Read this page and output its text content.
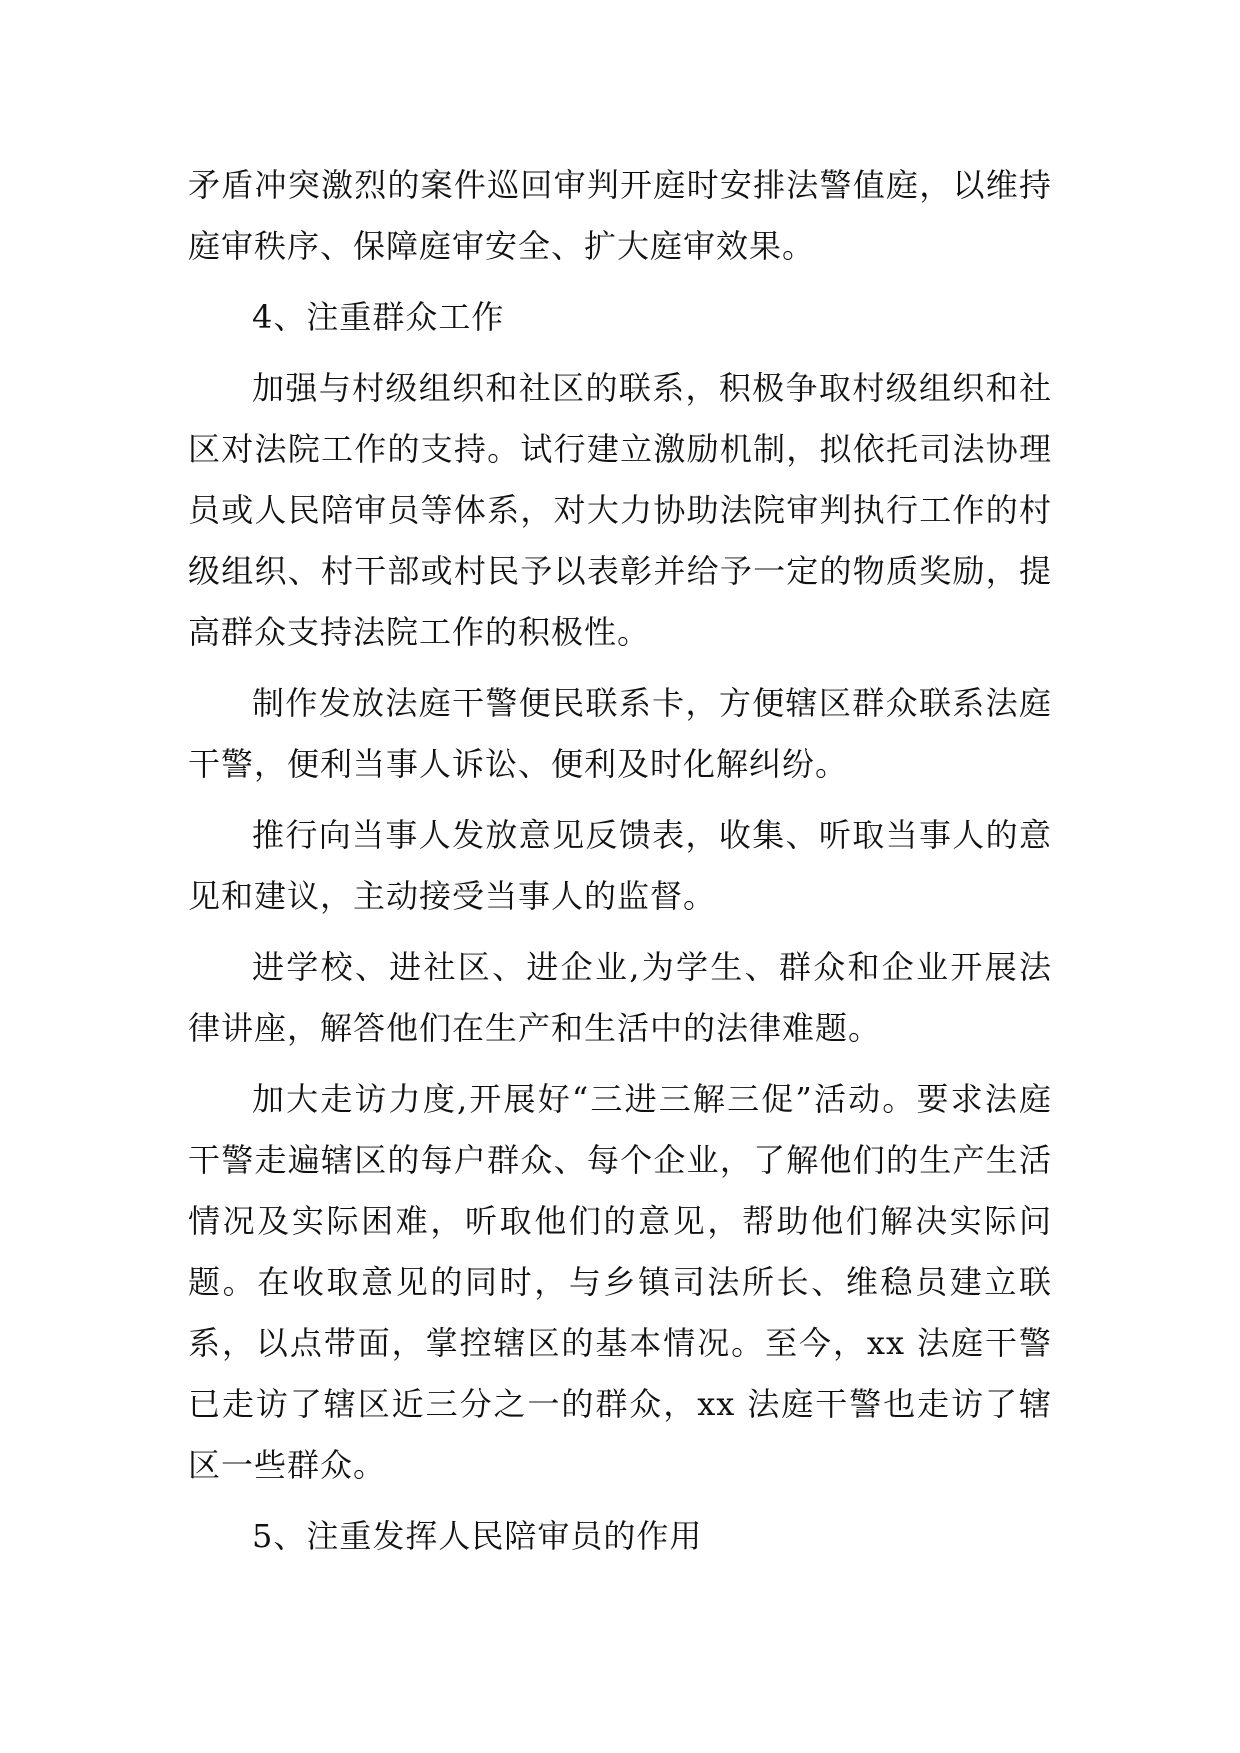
矛盾冲突激烈的案件巡回审判开庭时安排法警值庭，以维持庭审秩序、保障庭审安全、扩大庭审效果。

4、注重群众工作

加强与村级组织和社区的联系，积极争取村级组织和社区对法院工作的支持。试行建立激励机制，拟依托司法协理员或人民陪审员等体系，对大力协助法院审判执行工作的村级组织、村干部或村民予以表彰并给予一定的物质奖励，提高群众支持法院工作的积极性。

制作发放法庭干警便民联系卡，方便辖区群众联系法庭干警，便利当事人诉讼、便利及时化解纠纷。

推行向当事人发放意见反馈表，收集、听取当事人的意见和建议，主动接受当事人的监督。

进学校、进社区、进企业,为学生、群众和企业开展法律讲座，解答他们在生产和生活中的法律难题。

加大走访力度,开展好“三进三解三促”活动。要求法庭干警走遍辖区的每户群众、每个企业，了解他们的生产生活情况及实际困难，听取他们的意见，帮助他们解决实际问题。在收取意见的同时，与乡镇司法所长、维稳员建立联系，以点带面，掌控辖区的基本情况。至今，xx 法庭干警已走访了辖区近三分之一的群众，xx 法庭干警也走访了辖区一些群众。

5、注重发挥人民陪审员的作用
